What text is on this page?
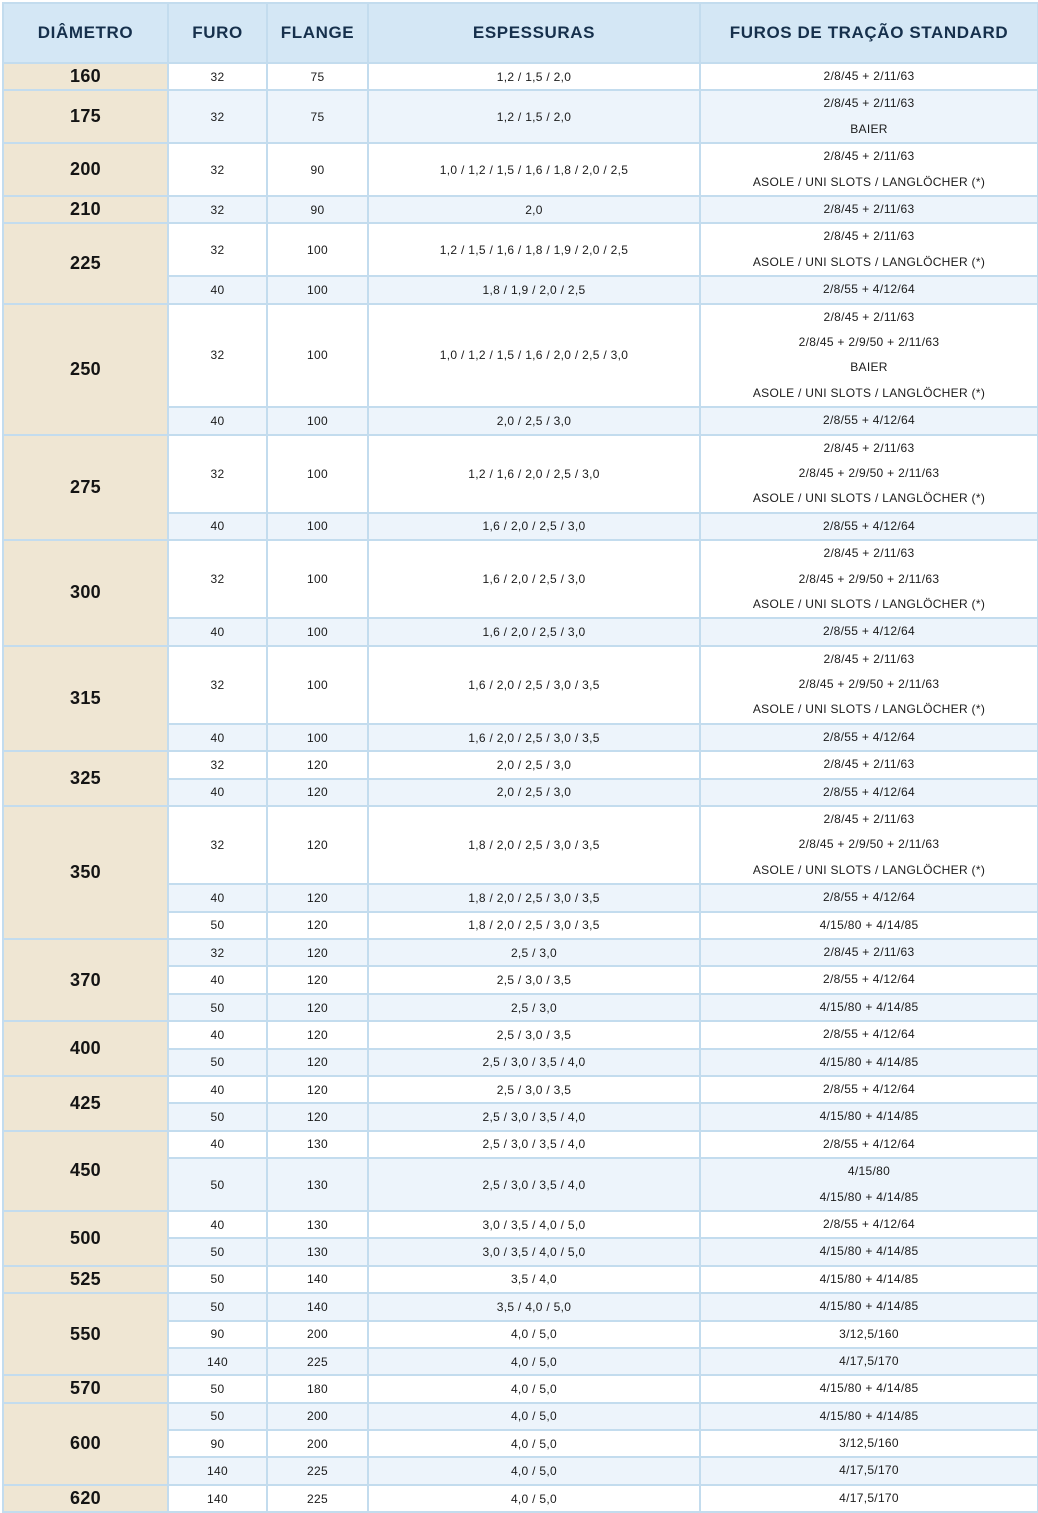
DIÂMETRO	FURO	FLANGE	ESPESSURAS	FUROS DE TRAÇÃO STANDARD
160	32	75	1,2 / 1,5 / 2,0	2/8/45 + 2/11/63

175	32	75	1,2 / 1,5 / 2,0	2/8/45 + 2/11/63
BAIER

200	32	90	1,0 / 1,2 / 1,5 / 1,6 / 1,8 / 2,0 / 2,5	2/8/45 + 2/11/63
ASOLE / UNI SLOTS / LANGLÖCHER (*)

210	32	90	2,0	2/8/45 + 2/11/63

225	32	100	1,2 / 1,5 / 1,6 / 1,8 / 1,9 / 2,0 / 2,5	2/8/45 + 2/11/63
ASOLE / UNI SLOTS / LANGLÖCHER (*)

	40	100	1,8 / 1,9 / 2,0 / 2,5	2/8/55 + 4/12/64

250	32	100	1,0 / 1,2 / 1,5 / 1,6 / 2,0 / 2,5 / 3,0	2/8/45 + 2/11/63
2/8/45 + 2/9/50 + 2/11/63
BAIER
ASOLE / UNI SLOTS / LANGLÖCHER (*)

	40	100	2,0 / 2,5 / 3,0	2/8/55 + 4/12/64

275	32	100	1,2 / 1,6 / 2,0 / 2,5 / 3,0	2/8/45 + 2/11/63
2/8/45 + 2/9/50 + 2/11/63
ASOLE / UNI SLOTS / LANGLÖCHER (*)

	40	100	1,6 / 2,0 / 2,5 / 3,0	2/8/55 + 4/12/64

300	32	100	1,6 / 2,0 / 2,5 / 3,0	2/8/45 + 2/11/63
2/8/45 + 2/9/50 + 2/11/63
ASOLE / UNI SLOTS / LANGLÖCHER (*)

	40	100	1,6 / 2,0 / 2,5 / 3,0	2/8/55 + 4/12/64

315	32	100	1,6 / 2,0 / 2,5 / 3,0 / 3,5	2/8/45 + 2/11/63
2/8/45 + 2/9/50 + 2/11/63
ASOLE / UNI SLOTS / LANGLÖCHER (*)

	40	100	1,6 / 2,0 / 2,5 / 3,0 / 3,5	2/8/55 + 4/12/64

325	32	120	2,0 / 2,5 / 3,0	2/8/45 + 2/11/63

	40	120	2,0 / 2,5 / 3,0	2/8/55 + 4/12/64

350	32	120	1,8 / 2,0 / 2,5 / 3,0 / 3,5	2/8/45 + 2/11/63
2/8/45 + 2/9/50 + 2/11/63
ASOLE / UNI SLOTS / LANGLÖCHER (*)

	40	120	1,8 / 2,0 / 2,5 / 3,0 / 3,5	2/8/55 + 4/12/64

	50	120	1,8 / 2,0 / 2,5 / 3,0 / 3,5	4/15/80 + 4/14/85

370	32	120	2,5 / 3,0	2/8/45 + 2/11/63

	40	120	2,5 / 3,0 / 3,5	2/8/55 + 4/12/64

	50	120	2,5 / 3,0	4/15/80 + 4/14/85

400	40	120	2,5 / 3,0 / 3,5	2/8/55 + 4/12/64

	50	120	2,5 / 3,0 / 3,5 / 4,0	4/15/80 + 4/14/85

425	40	120	2,5 / 3,0 / 3,5	2/8/55 + 4/12/64

	50	120	2,5 / 3,0 / 3,5 / 4,0	4/15/80 + 4/14/85

450	40	130	2,5 / 3,0 / 3,5 / 4,0	2/8/55 + 4/12/64

	50	130	2,5 / 3,0 / 3,5 / 4,0	4/15/80
4/15/80 + 4/14/85

500	40	130	3,0 / 3,5 / 4,0 / 5,0	2/8/55 + 4/12/64

	50	130	3,0 / 3,5 / 4,0 / 5,0	4/15/80 + 4/14/85

525	50	140	3,5 / 4,0	4/15/80 + 4/14/85

550	50	140	3,5 / 4,0 / 5,0	4/15/80 + 4/14/85

	90	200	4,0 / 5,0	3/12,5/160

	140	225	4,0 / 5,0	4/17,5/170

570	50	180	4,0 / 5,0	4/15/80 + 4/14/85

600	50	200	4,0 / 5,0	4/15/80 + 4/14/85

	90	200	4,0 / 5,0	3/12,5/160

	140	225	4,0 / 5,0	4/17,5/170

620	140	225	4,0 / 5,0	4/17,5/170
